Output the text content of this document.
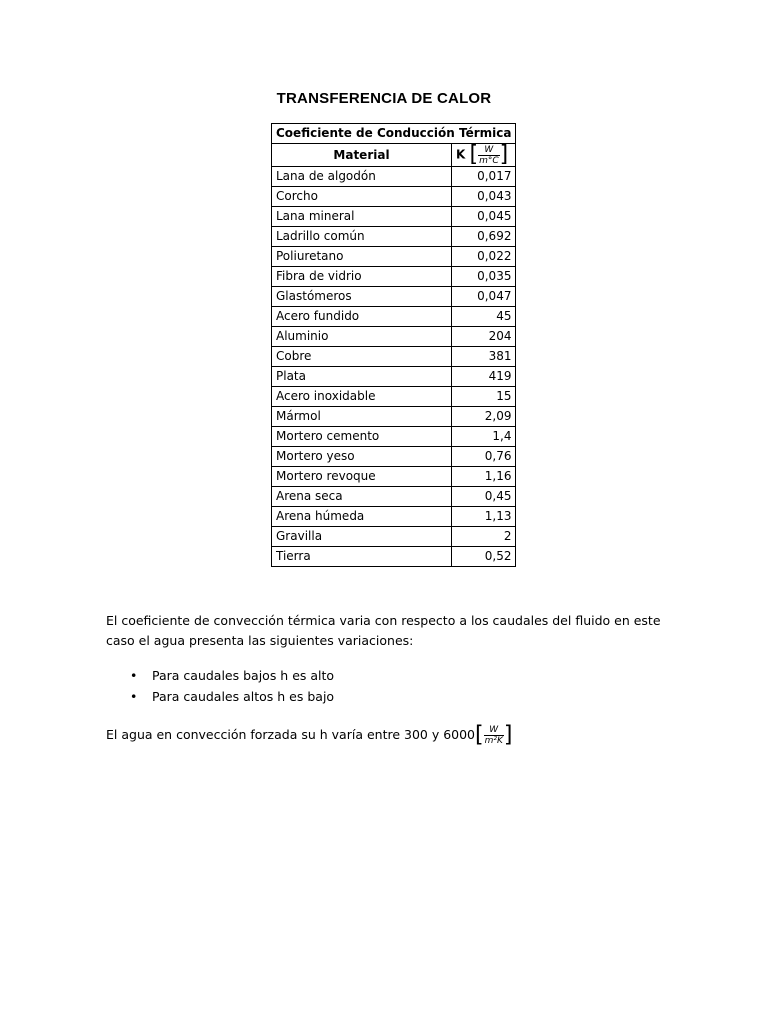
TRANSFERENCIA DE CALOR
Coeficiente de Conducción Térmica	
Material	K [ $\frac{W}{m^\circ C}$ ]
Lana de algodón	0,017
Corcho	0,043
Lana mineral	0,045
Ladrillo común	0,692
Poliuretano	0,022
Fibra de vidrio	0,035
Glastómeros	0,047
Acero fundido	45
Aluminio	204
Cobre	381
Plata	419
Acero inoxidable	15
Mármol	2,09
Mortero cemento	1,4
Mortero yeso	0,76
Mortero revoque	1,16
Arena seca	0,45
Arena húmeda	1,13
Gravilla	2
Tierra	0,52
El coeficiente de convección térmica varia con respecto a los caudales del fluido en este caso el agua presenta las siguientes variaciones:
• Para caudales bajos h es alto
• Para caudales altos h es bajo
El agua en convección forzada su h varía entre 300 y $6000[ \frac{W}{\text{m²K}}$ ]
